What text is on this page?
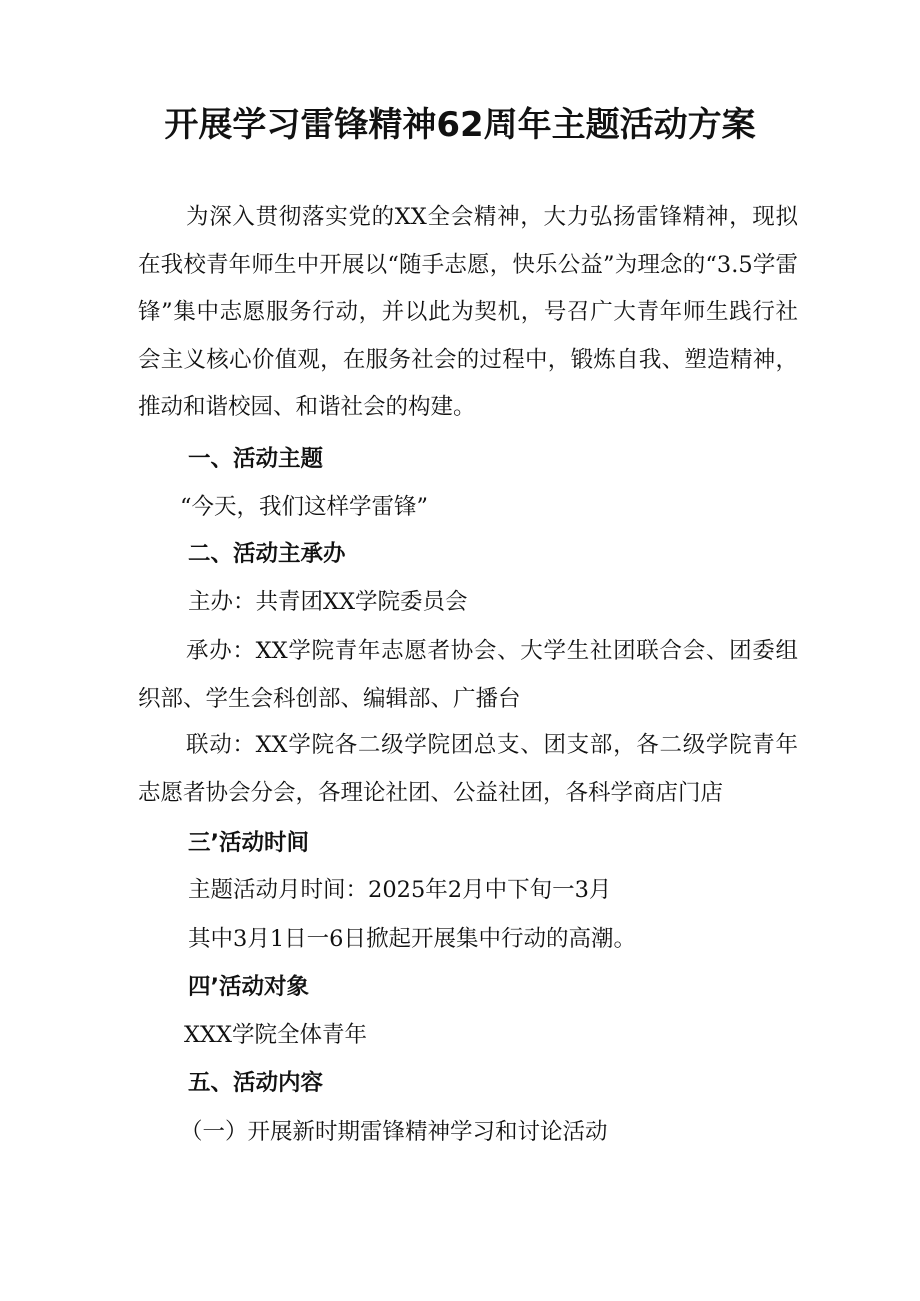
开展学习雷锋精神62周年主题活动方案

为深入贯彻落实党的XX全会精神，大力弘扬雷锋精神，现拟在我校青年师生中开展以“随手志愿，快乐公益”为理念的“3.5学雷锋”集中志愿服务行动，并以此为契机，号召广大青年师生践行社会主义核心价值观，在服务社会的过程中，锻炼自我、塑造精神，推动和谐校园、和谐社会的构建。

一、活动主题

“今天，我们这样学雷锋”

二、活动主承办

主办：共青团XX学院委员会

承办：XX学院青年志愿者协会、大学生社团联合会、团委组织部、学生会科创部、编辑部、广播台

联动：XX学院各二级学院团总支、团支部，各二级学院青年志愿者协会分会，各理论社团、公益社团，各科学商店门店

三’活动时间

主题活动月时间：2025年2月中下旬一3月

其中3月1日一6日掀起开展集中行动的高潮。

四’活动对象

XXX学院全体青年

五、活动内容

（一）开展新时期雷锋精神学习和讨论活动
